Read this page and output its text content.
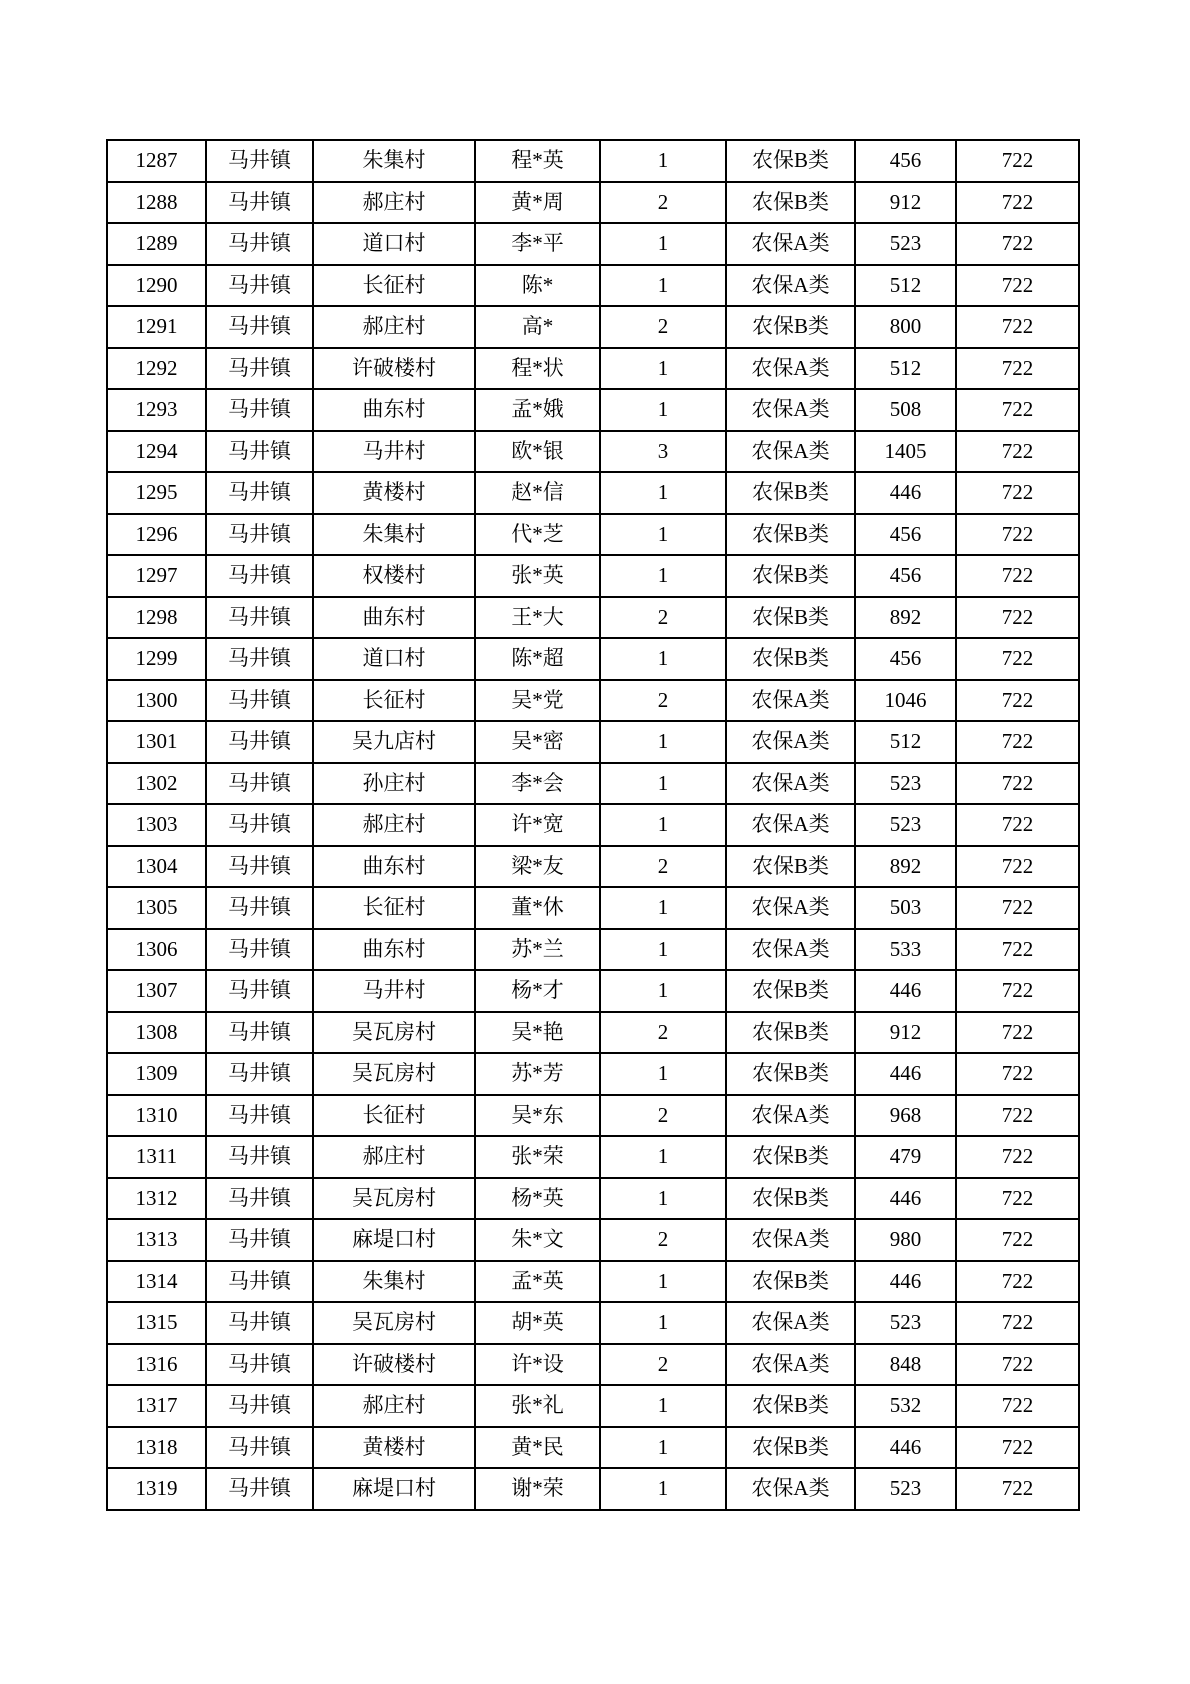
1287	马井镇	朱集村	程*英	1	农保B类	456	722
1288	马井镇	郝庄村	黄*周	2	农保B类	912	722
1289	马井镇	道口村	李*平	1	农保A类	523	722
1290	马井镇	长征村	陈*	1	农保A类	512	722
1291	马井镇	郝庄村	高*	2	农保B类	800	722
1292	马井镇	许破楼村	程*状	1	农保A类	512	722
1293	马井镇	曲东村	孟*娥	1	农保A类	508	722
1294	马井镇	马井村	欧*银	3	农保A类	1405	722
1295	马井镇	黄楼村	赵*信	1	农保B类	446	722
1296	马井镇	朱集村	代*芝	1	农保B类	456	722
1297	马井镇	权楼村	张*英	1	农保B类	456	722
1298	马井镇	曲东村	王*大	2	农保B类	892	722
1299	马井镇	道口村	陈*超	1	农保B类	456	722
1300	马井镇	长征村	吴*党	2	农保A类	1046	722
1301	马井镇	吴九店村	吴*密	1	农保A类	512	722
1302	马井镇	孙庄村	李*会	1	农保A类	523	722
1303	马井镇	郝庄村	许*宽	1	农保A类	523	722
1304	马井镇	曲东村	梁*友	2	农保B类	892	722
1305	马井镇	长征村	董*休	1	农保A类	503	722
1306	马井镇	曲东村	苏*兰	1	农保A类	533	722
1307	马井镇	马井村	杨*才	1	农保B类	446	722
1308	马井镇	吴瓦房村	吴*艳	2	农保B类	912	722
1309	马井镇	吴瓦房村	苏*芳	1	农保B类	446	722
1310	马井镇	长征村	吴*东	2	农保A类	968	722
1311	马井镇	郝庄村	张*荣	1	农保B类	479	722
1312	马井镇	吴瓦房村	杨*英	1	农保B类	446	722
1313	马井镇	麻堤口村	朱*文	2	农保A类	980	722
1314	马井镇	朱集村	孟*英	1	农保B类	446	722
1315	马井镇	吴瓦房村	胡*英	1	农保A类	523	722
1316	马井镇	许破楼村	许*设	2	农保A类	848	722
1317	马井镇	郝庄村	张*礼	1	农保B类	532	722
1318	马井镇	黄楼村	黄*民	1	农保B类	446	722
1319	马井镇	麻堤口村	谢*荣	1	农保A类	523	722
